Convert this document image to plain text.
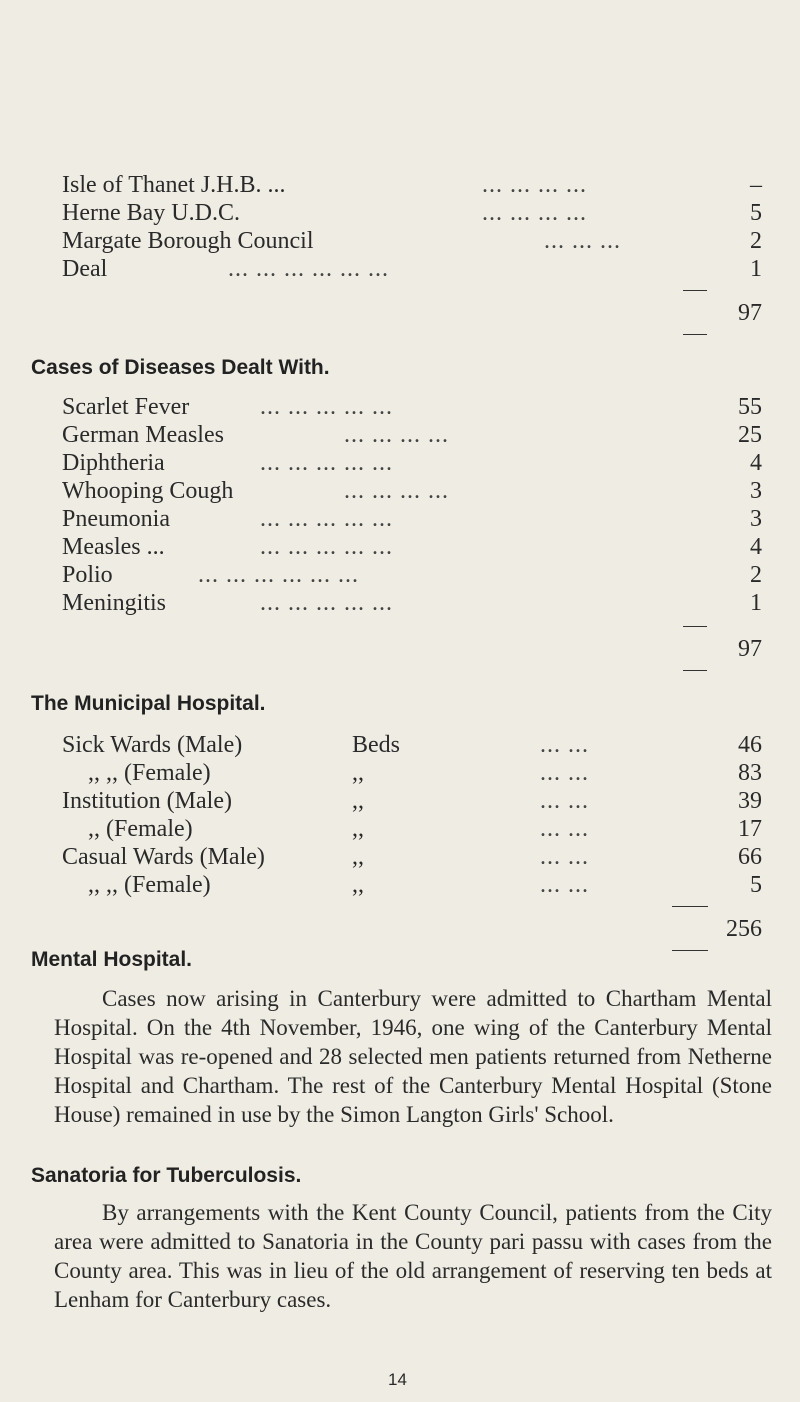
Isle of Thanet J.H.B. ...	... ... ... ...	–
Herne Bay U.D.C.	... ... ... ...	5
Margate Borough Council	... ... ...	2
Deal	... ... ... ... ... ...	1
97
Cases of Diseases Dealt With.
Scarlet Fever	... ... ... ... ...	55
German Measles	... ... ... ...	25
Diphtheria	... ... ... ... ...	4
Whooping Cough	... ... ... ...	3
Pneumonia	... ... ... ... ...	3
Measles ...	... ... ... ... ...	4
Polio	... ... ... ... ... ...	2
Meningitis	... ... ... ... ...	1
97
The Municipal Hospital.
Sick Wards (Male)	Beds	... ...	46
,, ,, (Female)	,,	... ...	83
Institution (Male)	,,	... ...	39
,, (Female)	,,	... ...	17
Casual Wards (Male)	,,	... ...	66
,, ,, (Female)	,,	... ...	5
256
Mental Hospital.
Cases now arising in Canterbury were admitted to Chartham Mental Hospital. On the 4th November, 1946, one wing of the Canterbury Mental Hospital was re-opened and 28 selected men patients returned from Netherne Hospital and Chartham. The rest of the Canterbury Mental Hospital (Stone House) remained in use by the Simon Langton Girls' School.
Sanatoria for Tuberculosis.
By arrangements with the Kent County Council, patients from the City area were admitted to Sanatoria in the County pari passu with cases from the County area. This was in lieu of the old arrangement of reserving ten beds at Lenham for Canterbury cases.
14
